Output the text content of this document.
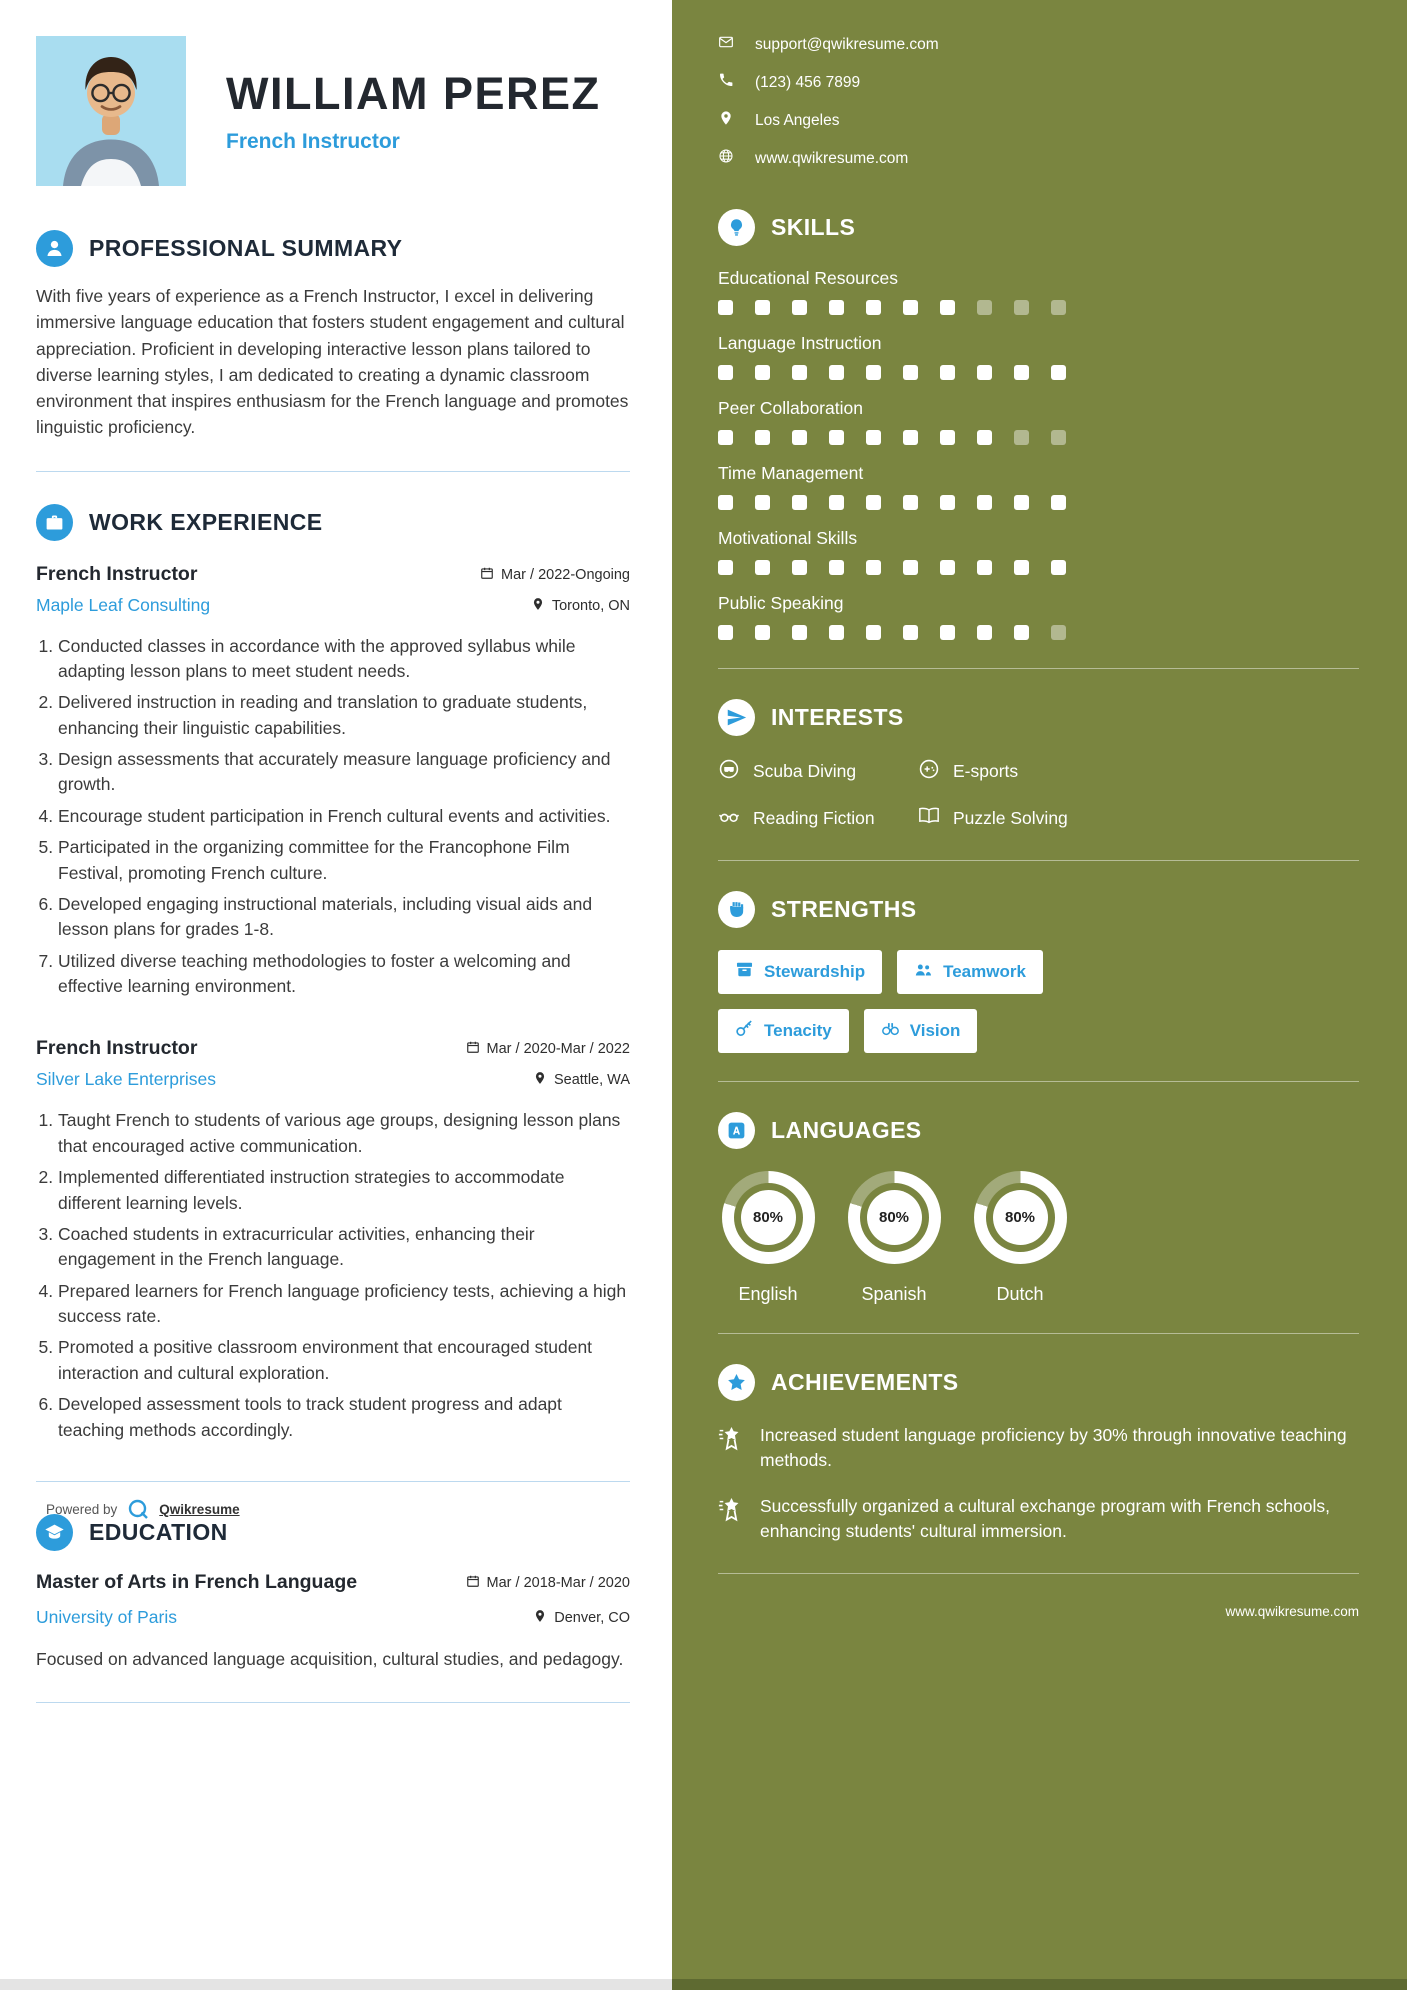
WILLIAM PEREZ
French Instructor
PROFESSIONAL SUMMARY

With five years of experience as a French Instructor, I excel in delivering immersive language education that fosters student engagement and cultural appreciation. Proficient in developing interactive lesson plans tailored to diverse learning styles, I am dedicated to creating a dynamic classroom environment that inspires enthusiasm for the French language and promotes linguistic proficiency.

WORK EXPERIENCE
French Instructor	Mar / 2022-Ongoing
Maple Leaf Consulting	Toronto, ON
1. Conducted classes in accordance with the approved syllabus while adapting lesson plans to meet student needs.
2. Delivered instruction in reading and translation to graduate students, enhancing their linguistic capabilities.
3. Design assessments that accurately measure language proficiency and growth.
4. Encourage student participation in French cultural events and activities.
5. Participated in the organizing committee for the Francophone Film Festival, promoting French culture.
6. Developed engaging instructional materials, including visual aids and lesson plans for grades 1-8.
7. Utilized diverse teaching methodologies to foster a welcoming and effective learning environment.
French Instructor	Mar / 2020-Mar / 2022
Silver Lake Enterprises	Seattle, WA
1. Taught French to students of various age groups, designing lesson plans that encouraged active communication.
2. Implemented differentiated instruction strategies to accommodate different learning levels.
3. Coached students in extracurricular activities, enhancing their engagement in the French language.
4. Prepared learners for French language proficiency tests, achieving a high success rate.
5. Promoted a positive classroom environment that encouraged student interaction and cultural exploration.
6. Developed assessment tools to track student progress and adapt teaching methods accordingly.
EDUCATION
Master of Arts in French Language	Mar / 2018-Mar / 2020
University of Paris	Denver, CO

Focused on advanced language acquisition, cultural studies, and pedagogy.

Powered by	Qwikresume
support@qwikresume.com
(123) 456 7899
Los Angeles
www.qwikresume.com
SKILLS
Educational Resources
Language Instruction
Peer Collaboration
Time Management
Motivational Skills
Public Speaking
INTERESTS
Scuba Diving	E-sports
Reading Fiction	Puzzle Solving
STRENGTHS
Stewardship	Teamwork
Tenacity	Vision
LANGUAGES
80%
English
80%
Spanish
80%
Dutch
ACHIEVEMENTS

Increased student language proficiency by 30% through innovative teaching methods.

Successfully organized a cultural exchange program with French schools, enhancing students' cultural immersion.

www.qwikresume.com
